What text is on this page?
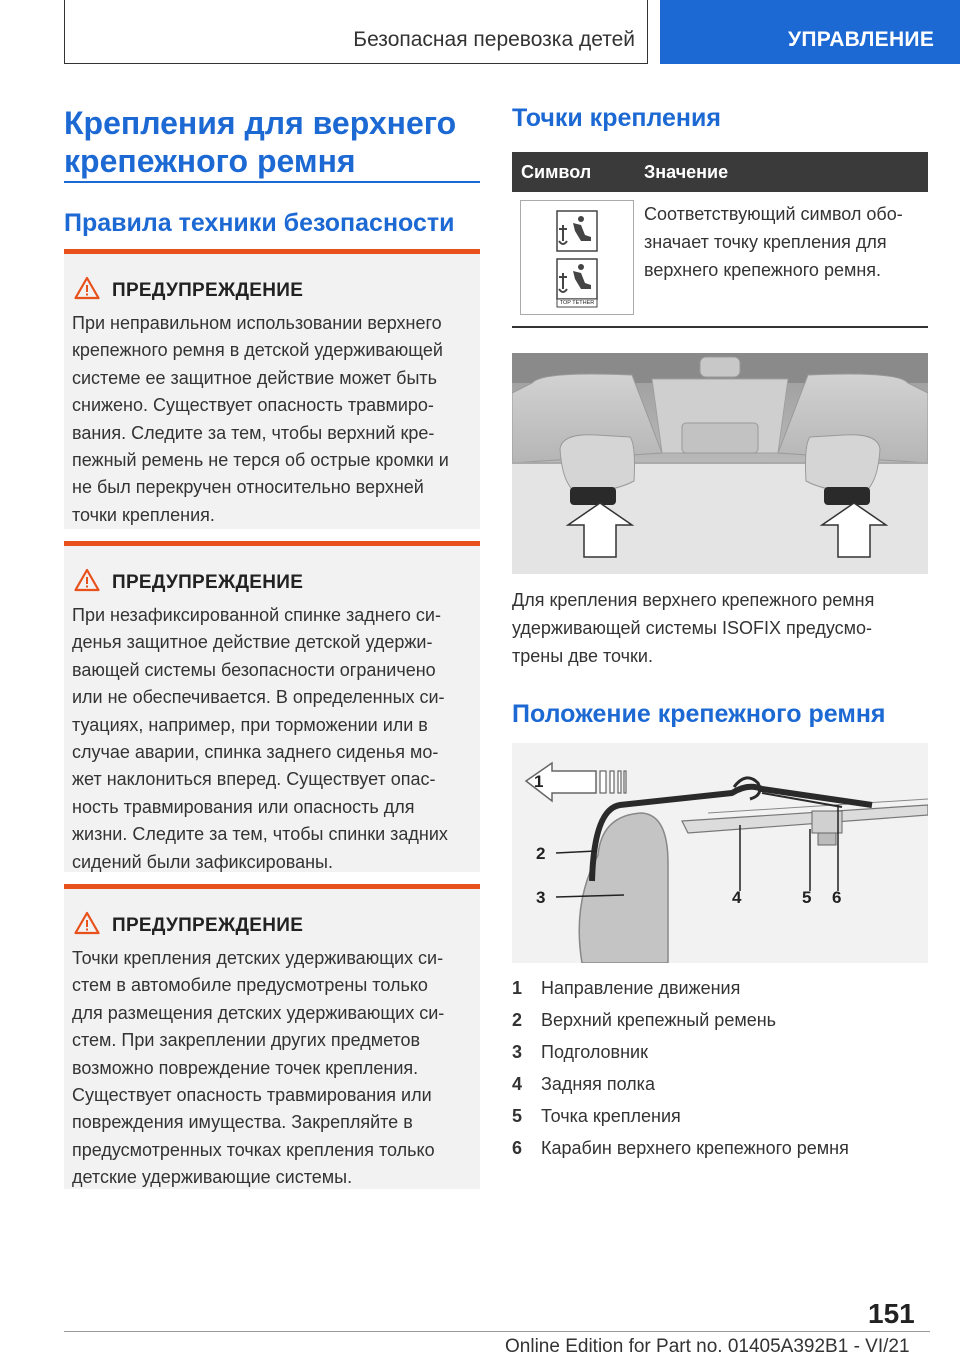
Безопасная перевозка детей	УПРАВЛЕНИЕ
Крепления для верхнего
крепежного ремня
Правила техники безопасности
ПРЕДУПРЕЖДЕНИЕ
При неправильном использовании верхнего
крепежного ремня в детской удерживающей
системе ее защитное действие может быть
снижено. Существует опасность травмиро-
вания. Следите за тем, чтобы верхний кре-
пежный ремень не терся об острые кромки и
не был перекручен относительно верхней
точки крепления.
ПРЕДУПРЕЖДЕНИЕ
При незафиксированной спинке заднего си-
денья защитное действие детской удержи-
вающей системы безопасности ограничено
или не обеспечивается. В определенных си-
туациях, например, при торможении или в
случае аварии, спинка заднего сиденья мо-
жет наклониться вперед. Существует опас-
ность травмирования или опасность для
жизни. Следите за тем, чтобы спинки задних
сидений были зафиксированы.
ПРЕДУПРЕЖДЕНИЕ
Точки крепления детских удерживающих си-
стем в автомобиле предусмотрены только
для размещения детских удерживающих си-
стем. При закреплении других предметов
возможно повреждение точек крепления.
Существует опасность травмирования или
повреждения имущества. Закрепляйте в
предусмотренных точках крепления только
детские удерживающие системы.
Точки крепления
Символ	Значение
TOP TETHER
Соответствующий символ обо-
значает точку крепления для
верхнего крепежного ремня.
Для крепления верхнего крепежного ремня
удерживающей системы ISOFIX предусмо-
трены две точки.
Положение крепежного ремня
1
2
3	4	5 6
1 Направление движения
2 Верхний крепежный ремень
3 Подголовник
4 Задняя полка
5 Точка крепления
6 Карабин верхнего крепежного ремня
151
Online Edition for Part no. 01405A392B1 - VI/21
